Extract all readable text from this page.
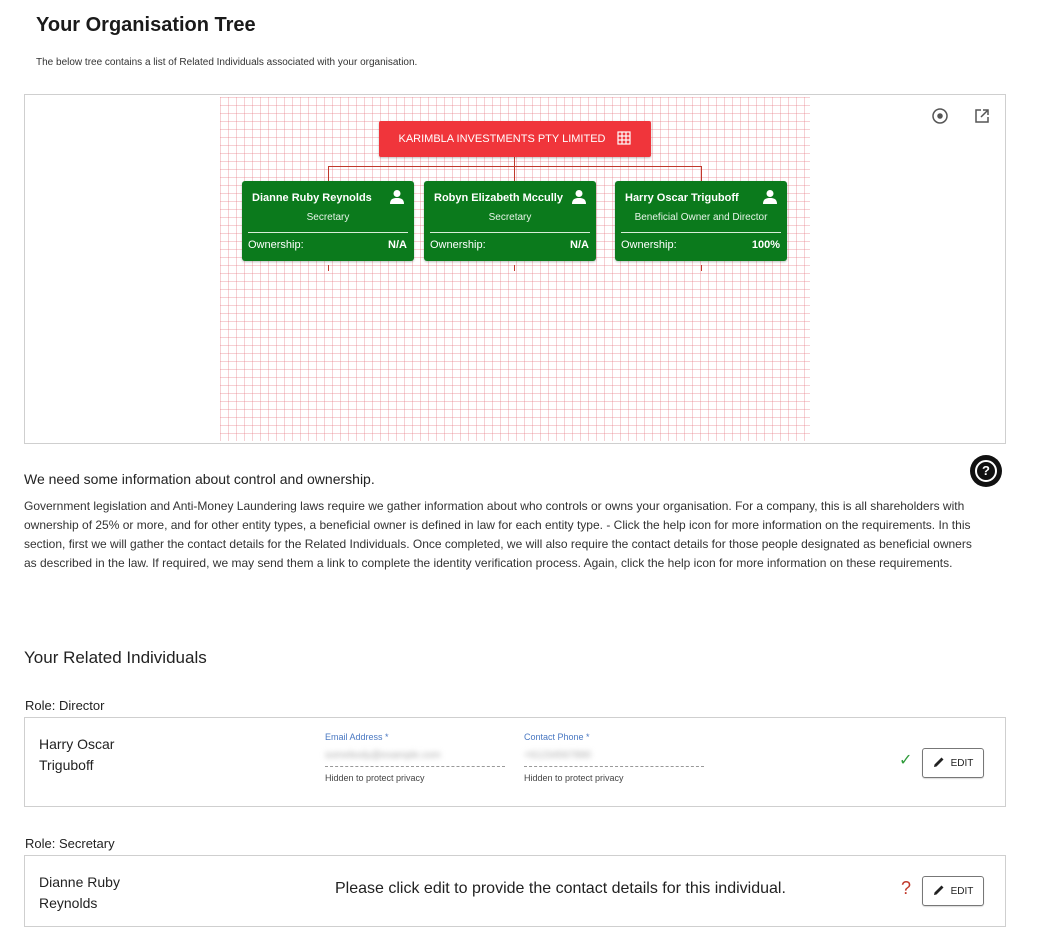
Your Organisation Tree
The below tree contains a list of Related Individuals associated with your organisation.
KARIMBLA INVESTMENTS PTY LIMITED
Dianne Ruby Reynolds
Secretary
Ownership:	N/A
Robyn Elizabeth Mccully
Secretary
Ownership:	N/A
Harry Oscar Triguboff
Beneficial Owner and Director
Ownership:	100%
We need some information about control and ownership.
?
Government legislation and Anti-Money Laundering laws require we gather information about who controls or owns your organisation. For a company, this is all shareholders with ownership of 25% or more, and for other entity types, a beneficial owner is defined in law for each entity type. - Click the help icon for more information on the requirements. In this section, first we will gather the contact details for the Related Individuals. Once completed, we will also require the contact details for those people designated as beneficial owners as described in the law. If required, we may send them a link to complete the identity verification process. Again, click the help icon for more information on these requirements.
Your Related Individuals
Role: Director
Harry Oscar
Triguboff
Email Address *
somebody@example.com
Hidden to protect privacy
Contact Phone *
+61234567890
Hidden to protect privacy
✓	EDIT
Role: Secretary
Dianne Ruby
Reynolds
Please click edit to provide the contact details for this individual.	?	EDIT
